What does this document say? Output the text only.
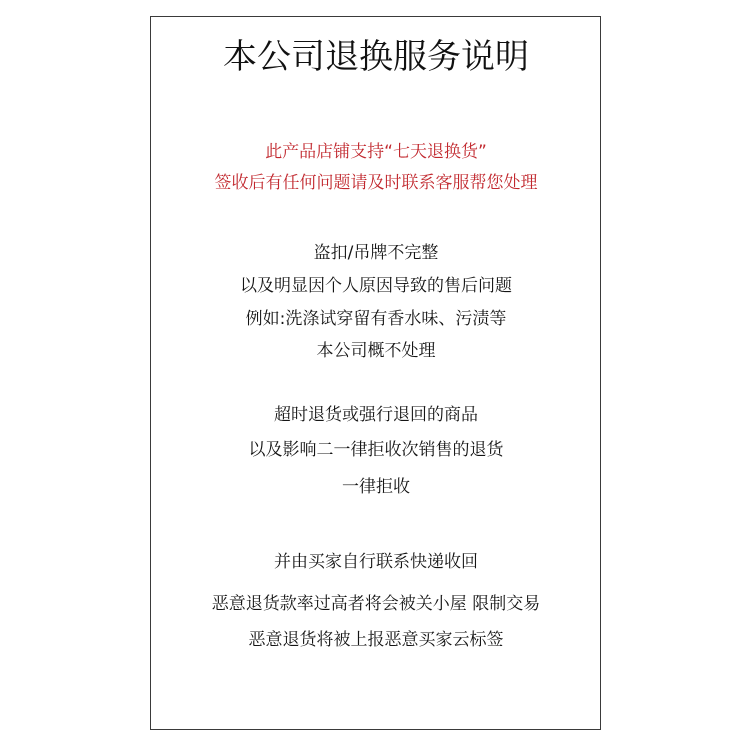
本公司退换服务说明
此产品店铺支持“七天退换货”
签收后有任何问题请及时联系客服帮您处理
盗扣/吊牌不完整
以及明显因个人原因导致的售后问题
例如:洗涤试穿留有香水味、污渍等
本公司概不处理
超时退货或强行退回的商品
以及影响二一律拒收次销售的退货
一律拒收
并由买家自行联系快递收回
恶意退货款率过高者将会被关小屋 限制交易
恶意退货将被上报恶意买家云标签
